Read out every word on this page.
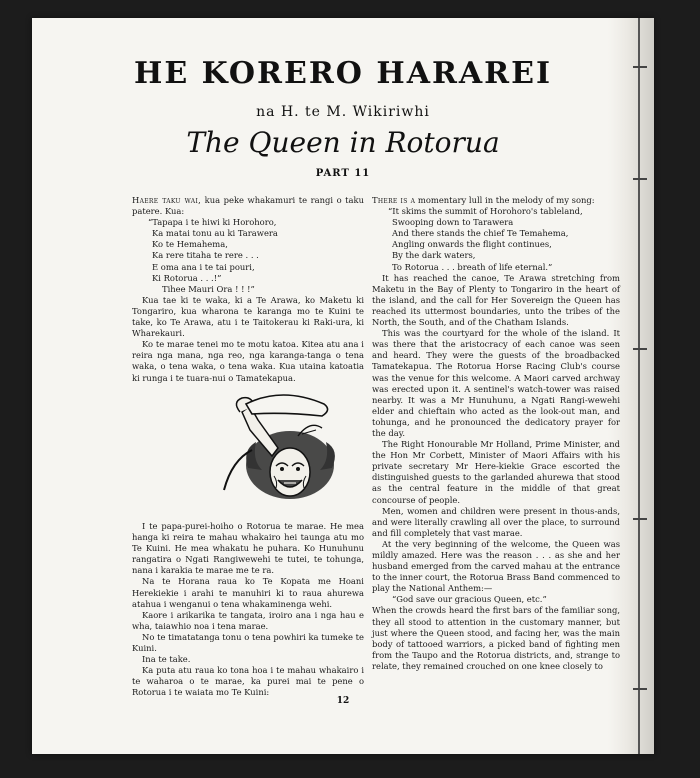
HE KORERO HARAREI
na H. te M. Wikiriwhi
The Queen in Rotorua
PART 11

Haere taku wai, kua peke whakamuri te rangi o taku patere. Kua:

“Tapapa i te hiwi ki Horohoro,

Ka matai tonu au ki Tarawera

Ko te Hemahema,

Ka rere titaha te rere . . .

E oma ana i te tai pouri,

Ki Rotorua . . .!”

Tihee Mauri Ora ! ! !”

Kua tae ki te waka, ki a Te Arawa, ko Maketu ki Tongariro, kua wharona te karanga mo te Kuini te take, ko Te Arawa, atu i te Taitokerau ki Raki-ura, ki Wharekauri.

Ko te marae tenei mo te motu katoa. Kitea atu ana i reira nga mana, nga reo, nga karanga-tanga o tena waka, o tena waka, o tena waka. Kua utaina katoatia ki runga i te tuara-nui o Tamatekapua.

I te papa-purei-hoiho o Rotorua te marae. He mea hanga ki reira te mahau whakairo hei taunga atu mo Te Kuini. He mea whakatu he puhara. Ko Hunuhunu rangatira o Ngati Rangiwewehi te tutei, te tohunga, nana i karakia te marae me te ra.

Na te Horana raua ko Te Kopata me Hoani Herekiekie i arahi te manuhiri ki to raua ahurewa atahua i wenganui o tena whakaminenga wehi.

Kaore i arikarika te tangata, iroiro ana i nga hau e wha, taiawhio noa i tena marae.

No te timatatanga tonu o tena powhiri ka tumeke te Kuini.

Ina te take.

Ka puta atu raua ko tona hoa i te mahau whakairo i te waharoa o te marae, ka purei mai te pene o Rotorua i te waiata mo Te Kuini:

There is a momentary lull in the melody of my song:

“It skims the summit of Horohoro's tableland,

Swooping down to Tarawera

And there stands the chief Te Temahema,

Angling onwards the flight continues,

By the dark waters,

To Rotorua . . . breath of life eternal.”

It has reached the canoe, Te Arawa stretching from Maketu in the Bay of Plenty to Tongariro in the heart of the island, and the call for Her Sovereign the Queen has reached its uttermost boundaries, unto the tribes of the North, the South, and of the Chatham Islands.

This was the courtyard for the whole of the island. It was there that the aristocracy of each canoe was seen and heard. They were the guests of the broadbacked Tamatekapua. The Rotorua Horse Racing Club's course was the venue for this welcome. A Maori carved archway was erected upon it. A sentinel's watch-tower was raised nearby. It was a Mr Hunuhunu, a Ngati Rangi-wewehi elder and chieftain who acted as the look-out man, and tohunga, and he pronounced the dedicatory prayer for the day.

The Right Honourable Mr Holland, Prime Minister, and the Hon Mr Corbett, Minister of Maori Affairs with his private secretary Mr Here-kiekie Grace escorted the distinguished guests to the garlanded ahurewa that stood as the central feature in the middle of that great concourse of people.

Men, women and children were present in thous-ands, and were literally crawling all over the place, to surround and fill completely that vast marae.

At the very beginning of the welcome, the Queen was mildly amazed. Here was the reason . . . as she and her husband emerged from the carved mahau at the entrance to the inner court, the Rotorua Brass Band commenced to play the National Anthem:—

“God save our gracious Queen, etc.”

When the crowds heard the first bars of the familiar song, they all stood to attention in the customary manner, but just where the Queen stood, and facing her, was the main body of tattooed warriors, a picked band of fighting men from the Taupo and the Rotorua districts, and, strange to relate, they remained crouched on one knee closely to

12
